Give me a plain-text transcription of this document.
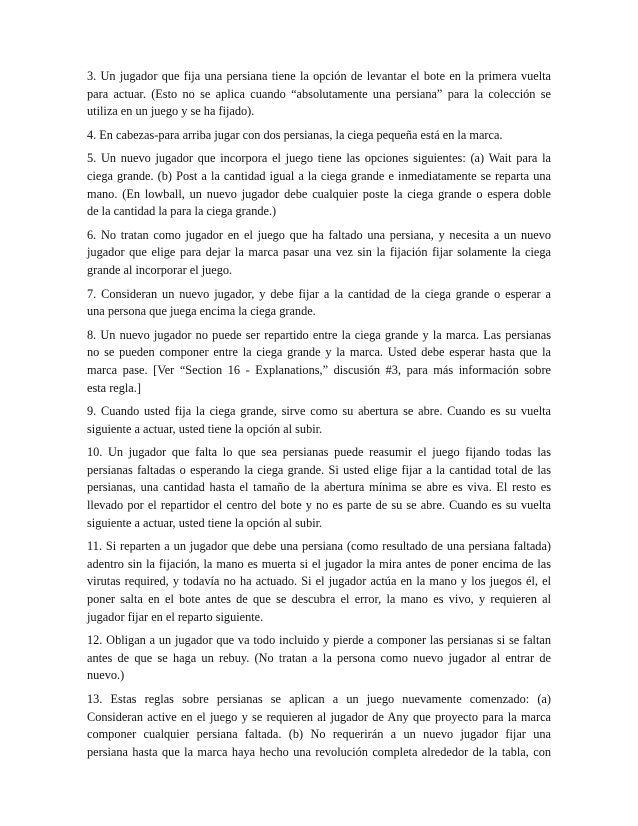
3. Un jugador que fija una persiana tiene la opción de levantar el bote en la primera vuelta
para actuar. (Esto no se aplica cuando “absolutamente una persiana” para la colección se
utiliza en un juego y se ha fijado).
4. En cabezas-para arriba jugar con dos persianas, la ciega pequeña está en la marca.
5. Un nuevo jugador que incorpora el juego tiene las opciones siguientes: (a) Wait para la
ciega grande. (b) Post a la cantidad igual a la ciega grande e inmediatamente se reparta una
mano. (En lowball, un nuevo jugador debe cualquier poste la ciega grande o espera doble
de la cantidad la para la ciega grande.)
6. No tratan como jugador en el juego que ha faltado una persiana, y necesita a un nuevo
jugador que elige para dejar la marca pasar una vez sin la fijación fijar solamente la ciega
grande al incorporar el juego.
7. Consideran un nuevo jugador, y debe fijar a la cantidad de la ciega grande o esperar a
una persona que juega encima la ciega grande.
8. Un nuevo jugador no puede ser repartido entre la ciega grande y la marca. Las persianas
no se pueden componer entre la ciega grande y la marca. Usted debe esperar hasta que la
marca pase. [Ver “Section 16 - Explanations,” discusión #3, para más información sobre
esta regla.]
9. Cuando usted fija la ciega grande, sirve como su abertura se abre. Cuando es su vuelta
siguiente a actuar, usted tiene la opción al subir.
10. Un jugador que falta lo que sea persianas puede reasumir el juego fijando todas las
persianas faltadas o esperando la ciega grande. Si usted elige fijar a la cantidad total de las
persianas, una cantidad hasta el tamaño de la abertura mínima se abre es viva. El resto es
llevado por el repartidor el centro del bote y no es parte de su se abre. Cuando es su vuelta
siguiente a actuar, usted tiene la opción al subir.
11. Si reparten a un jugador que debe una persiana (como resultado de una persiana faltada)
adentro sin la fijación, la mano es muerta si el jugador la mira antes de poner encima de las
virutas required, y todavía no ha actuado. Si el jugador actúa en la mano y los juegos él, el
poner salta en el bote antes de que se descubra el error, la mano es vivo, y requieren al
jugador fijar en el reparto siguiente.
12. Obligan a un jugador que va todo incluido y pierde a componer las persianas si se faltan
antes de que se haga un rebuy. (No tratan a la persona como nuevo jugador al entrar de
nuevo.)
13. Estas reglas sobre persianas se aplican a un juego nuevamente comenzado: (a)
Consideran active en el juego y se requieren al jugador de Any que proyecto para la marca
componer cualquier persiana faltada. (b) No requerirán a un nuevo jugador fijar una
persiana hasta que la marca haya hecho una revolución completa alrededor de la tabla, con
